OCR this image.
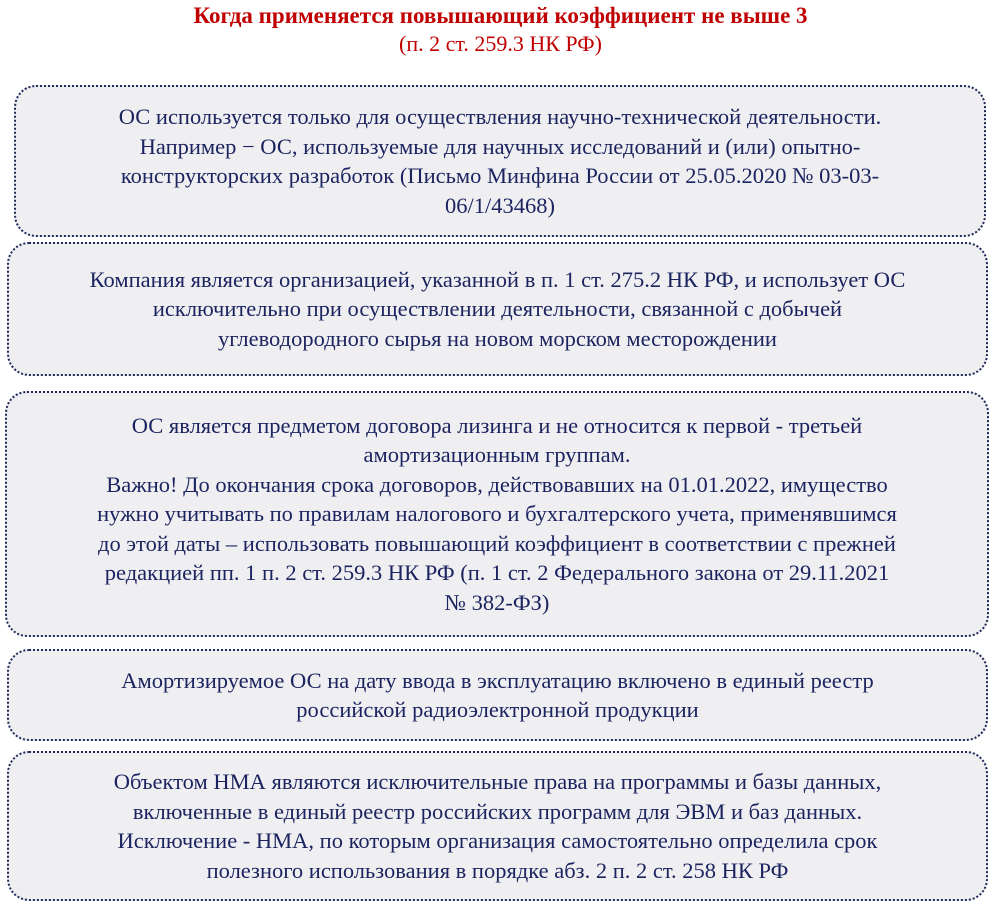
Когда применяется повышающий коэффициент не выше 3
(п. 2 ст. 259.3 НК РФ)

ОС используется только для осуществления научно-технической деятельности.
Например − ОС, используемые для научных исследований и (или) опытно-
конструкторских разработок (Письмо Минфина России от 25.05.2020 № 03-03-
06/1/43468)

Компания является организацией, указанной в п. 1 ст. 275.2 НК РФ, и использует ОС
исключительно при осуществлении деятельности, связанной с добычей
углеводородного сырья на новом морском месторождении

ОС является предметом договора лизинга и не относится к первой - третьей
амортизационным группам.
Важно! До окончания срока договоров, действовавших на 01.01.2022, имущество
нужно учитывать по правилам налогового и бухгалтерского учета, применявшимся
до этой даты – использовать повышающий коэффициент в соответствии с прежней
редакцией пп. 1 п. 2 ст. 259.3 НК РФ (п. 1 ст. 2 Федерального закона от 29.11.2021
№ 382-ФЗ)

Амортизируемое ОС на дату ввода в эксплуатацию включено в единый реестр
российской радиоэлектронной продукции

Объектом НМА являются исключительные права на программы и базы данных,
включенные в единый реестр российских программ для ЭВМ и баз данных.
Исключение - НМА, по которым организация самостоятельно определила срок
полезного использования в порядке абз. 2 п. 2 ст. 258 НК РФ
